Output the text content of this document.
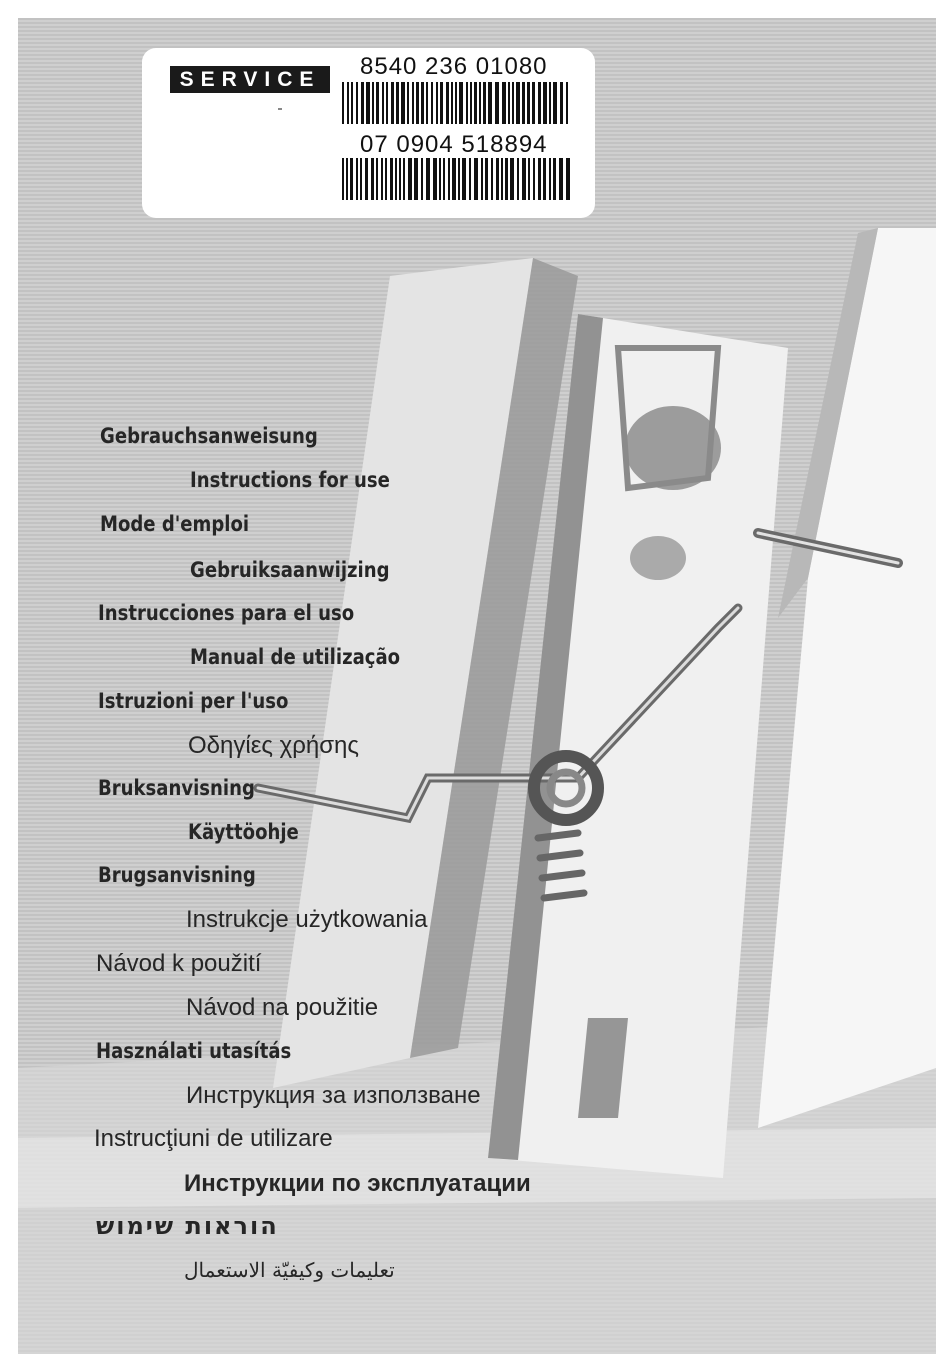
SERVICE	8540 236 01080
07 0904 518894
Gebrauchsanweisung
Instructions for use
Mode d'emploi
Gebruiksaanwijzing
Instrucciones para el uso
Manual de utilização
Istruzioni per l'uso
Οδηγίες χρήσης
Bruksanvisning
Käyttöohje
Brugsanvisning
Instrukcje użytkowania
Návod k použití
Návod na použitie
Használati utasítás
Инструкция за използване
Instrucţiuni de utilizare
Инструкции по эксплуатации
הוראות שימוש
تعليمات وكيفيّة الاستعمال
